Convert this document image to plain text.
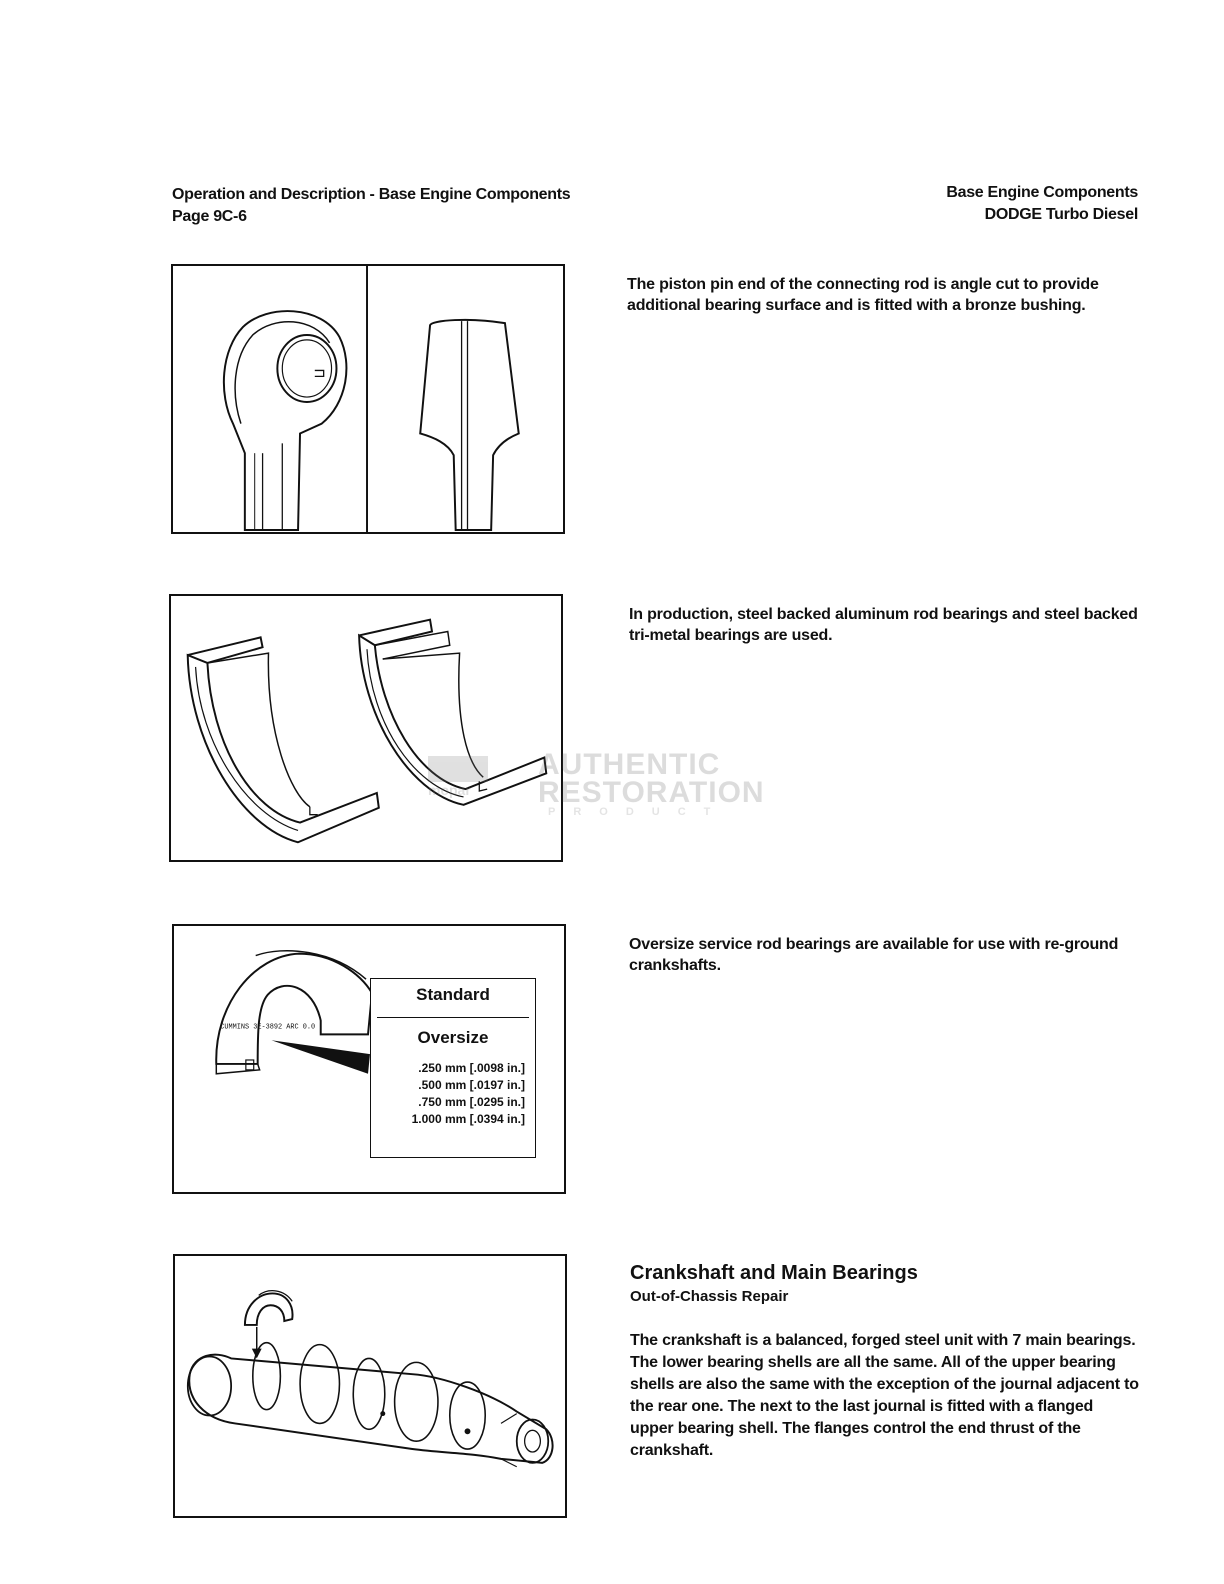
Operation and Description - Base Engine Components
Page 9C-6
Base Engine Components
DODGE Turbo Diesel
The piston pin end of the connecting rod is angle cut to provide additional bearing surface and is fitted with a bronze bushing.
In production, steel backed aluminum rod bearings and steel backed tri-metal bearings are used.
mopar
AUTHENTIC
RESTORATION
PRODUCT
CUMMINS 3E-3892 ARC 0.0
Standard
Oversize
.250 mm [.0098 in.]
.500 mm [.0197 in.]
.750 mm [.0295 in.]
1.000 mm [.0394 in.]
Oversize service rod bearings are available for use with re-ground crankshafts.
Crankshaft and Main Bearings
Out-of-Chassis Repair
The crankshaft is a balanced, forged steel unit with 7 main bearings. The lower bearing shells are all the same. All of the upper bearing shells are also the same with the exception of the journal adjacent to the rear one. The next to the last journal is fitted with a flanged upper bearing shell. The flanges control the end thrust of the crankshaft.
